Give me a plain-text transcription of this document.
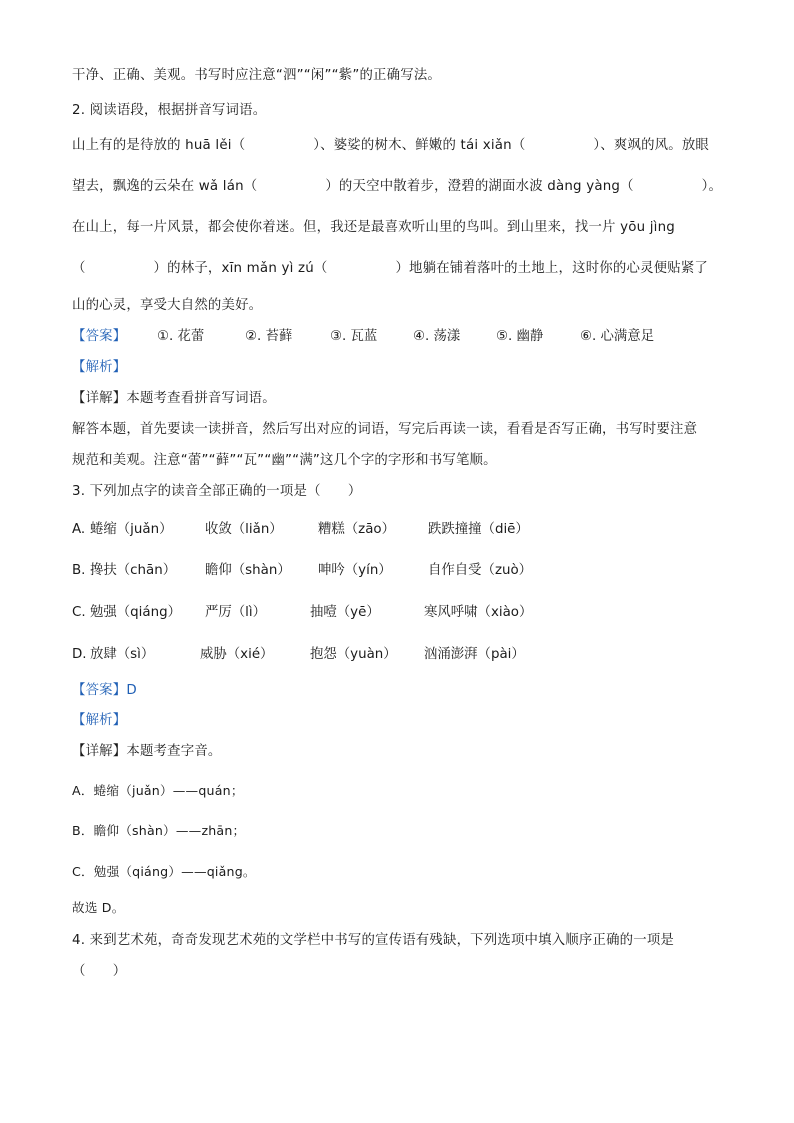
干净、正确、美观。书写时应注意“泗”“闲”“紫”的正确写法。
2. 阅读语段，根据拼音写词语。
山上有的是待放的 huā lěi（　　　　　）、婆娑的树木、鲜嫩的 tái xiǎn（　　　　　）、爽飒的风。放眼
望去，飘逸的云朵在 wǎ lán（　　　　　）的天空中散着步，澄碧的湖面水波 dàng yàng（　　　　　）。
在山上，每一片风景，都会使你着迷。但，我还是最喜欢听山里的鸟叫。到山里来，找一片 yōu jìng
（　　　　　）的林子，xīn mǎn yì zú（　　　　　）地躺在铺着落叶的土地上，这时你的心灵便贴紧了
山的心灵，享受大自然的美好。
【答案】 ①. 花蕾	②. 苔藓	③. 瓦蓝	④. 荡漾	⑤. 幽静	⑥. 心满意足
【解析】
【详解】本题考查看拼音写词语。
解答本题，首先要读一读拼音，然后写出对应的词语，写完后再读一读，看看是否写正确，书写时要注意
规范和美观。注意“蕾”“藓”“瓦”“幽”“满”这几个字的字形和书写笔顺。
3. 下列加点字的读音全部正确的一项是（　　）
A. 蜷缩（juǎn） 收敛（liǎn）	糟糕（zāo） 跌跌撞撞（diē）
B. 搀扶（chān） 瞻仰（shàn） 呻吟（yín）	自作自受（zuò）
C. 勉强（qiáng） 严厉（lì）	抽噎（yē）	寒风呼啸（xiào）
D. 放肆（sì）	威胁（xié）	抱怨（yuàn） 汹涌澎湃（pài）
【答案】D
【解析】
【详解】本题考查字音。
A．蜷缩（juǎn）——quán；
B．瞻仰（shàn）——zhān；
C．勉强（qiáng）——qiǎng。
故选 D。
4. 来到艺术苑，奇奇发现艺术苑的文学栏中书写的宣传语有残缺，下列选项中填入顺序正确的一项是
（　　）
